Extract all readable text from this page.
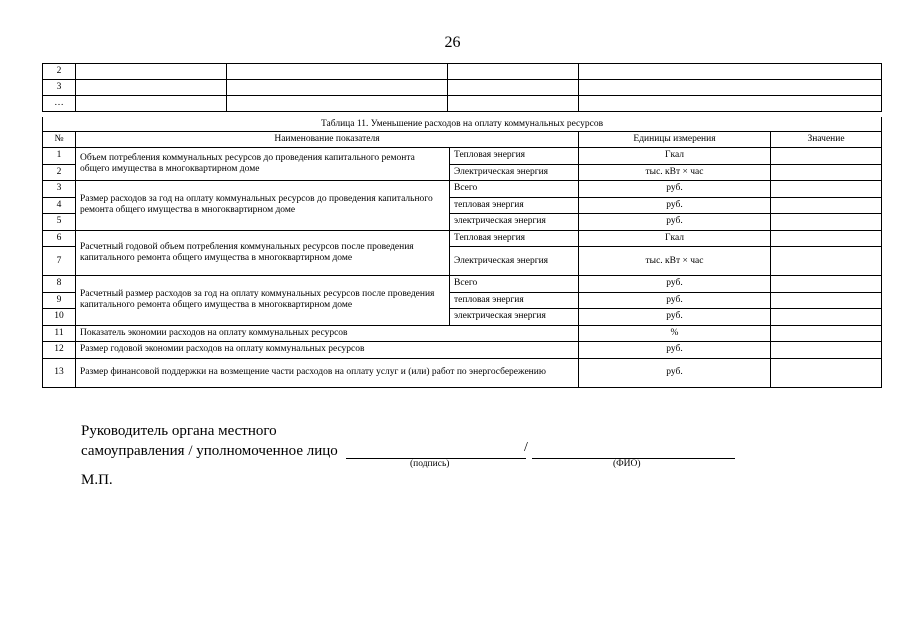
26
2				
3				
…				
Таблица 11. Уменьшение расходов на оплату коммунальных ресурсов				
№	Наименование показателя		Единицы измерения	Значение
1	Объем потребления коммунальных ресурсов до проведения капитального ремонта общего имущества в многоквартирном доме	Тепловая энергия	Гкал	
2		Электрическая энергия	тыс. кВт × час	
3	Размер расходов за год на оплату коммунальных ресурсов до проведения капитального ремонта общего имущества в многоквартирном доме	Всего	руб.	
4		тепловая энергия	руб.	
5		электрическая энергия	руб.	
6	Расчетный годовой объем потребления коммунальных ресурсов после проведения капитального ремонта общего имущества в многоквартирном доме	Тепловая энергия	Гкал	
7		Электрическая энергия	тыс. кВт × час	
8	Расчетный размер расходов за год на оплату коммунальных ресурсов после проведения капитального ремонта общего имущества в многоквартирном доме	Всего	руб.	
9		тепловая энергия	руб.	
10		электрическая энергия	руб.	
11	Показатель экономии расходов на оплату коммунальных ресурсов		%	
12	Размер годовой экономии расходов на оплату коммунальных ресурсов		руб.	
13	Размер финансовой поддержки на возмещение части расходов на оплату услуг и (или) работ по энергосбережению		руб.	
Руководитель органа местного
самоуправления / уполномоченное лицо	/
(подпись)	(ФИО)
М.П.
